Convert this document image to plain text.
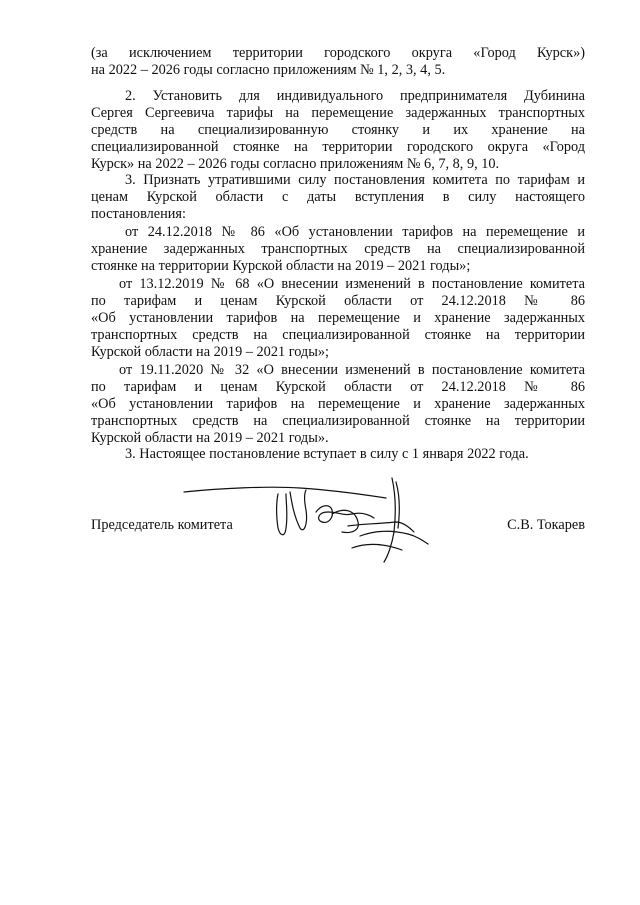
(за исключением территории городского округа «Город Курск»)
на 2022 – 2026 годы согласно приложениям № 1, 2, 3, 4, 5.
2. Установить для индивидуального предпринимателя Дубинина
Сергея Сергеевича тарифы на перемещение задержанных транспортных
средств на специализированную стоянку и их хранение на
специализированной стоянке на территории городского округа «Город
Курск» на 2022 – 2026 годы согласно приложениям № 6, 7, 8, 9, 10.
3. Признать утратившими силу постановления комитета по тарифам и
ценам Курской области с даты вступления в силу настоящего
постановления:
от 24.12.2018 № 86 «Об установлении тарифов на перемещение и
хранение задержанных транспортных средств на специализированной
стоянке на территории Курской области на 2019 – 2021 годы»;
от 13.12.2019 № 68 «О внесении изменений в постановление комитета
по тарифам и ценам Курской области от 24.12.2018 № 86
«Об установлении тарифов на перемещение и хранение задержанных
транспортных средств на специализированной стоянке на территории
Курской области на 2019 – 2021 годы»;
от 19.11.2020 № 32 «О внесении изменений в постановление комитета
по тарифам и ценам Курской области от 24.12.2018 № 86
«Об установлении тарифов на перемещение и хранение задержанных
транспортных средств на специализированной стоянке на территории
Курской области на 2019 – 2021 годы».
3. Настоящее постановление вступает в силу с 1 января 2022 года.
Председатель комитета	С.В. Токарев
